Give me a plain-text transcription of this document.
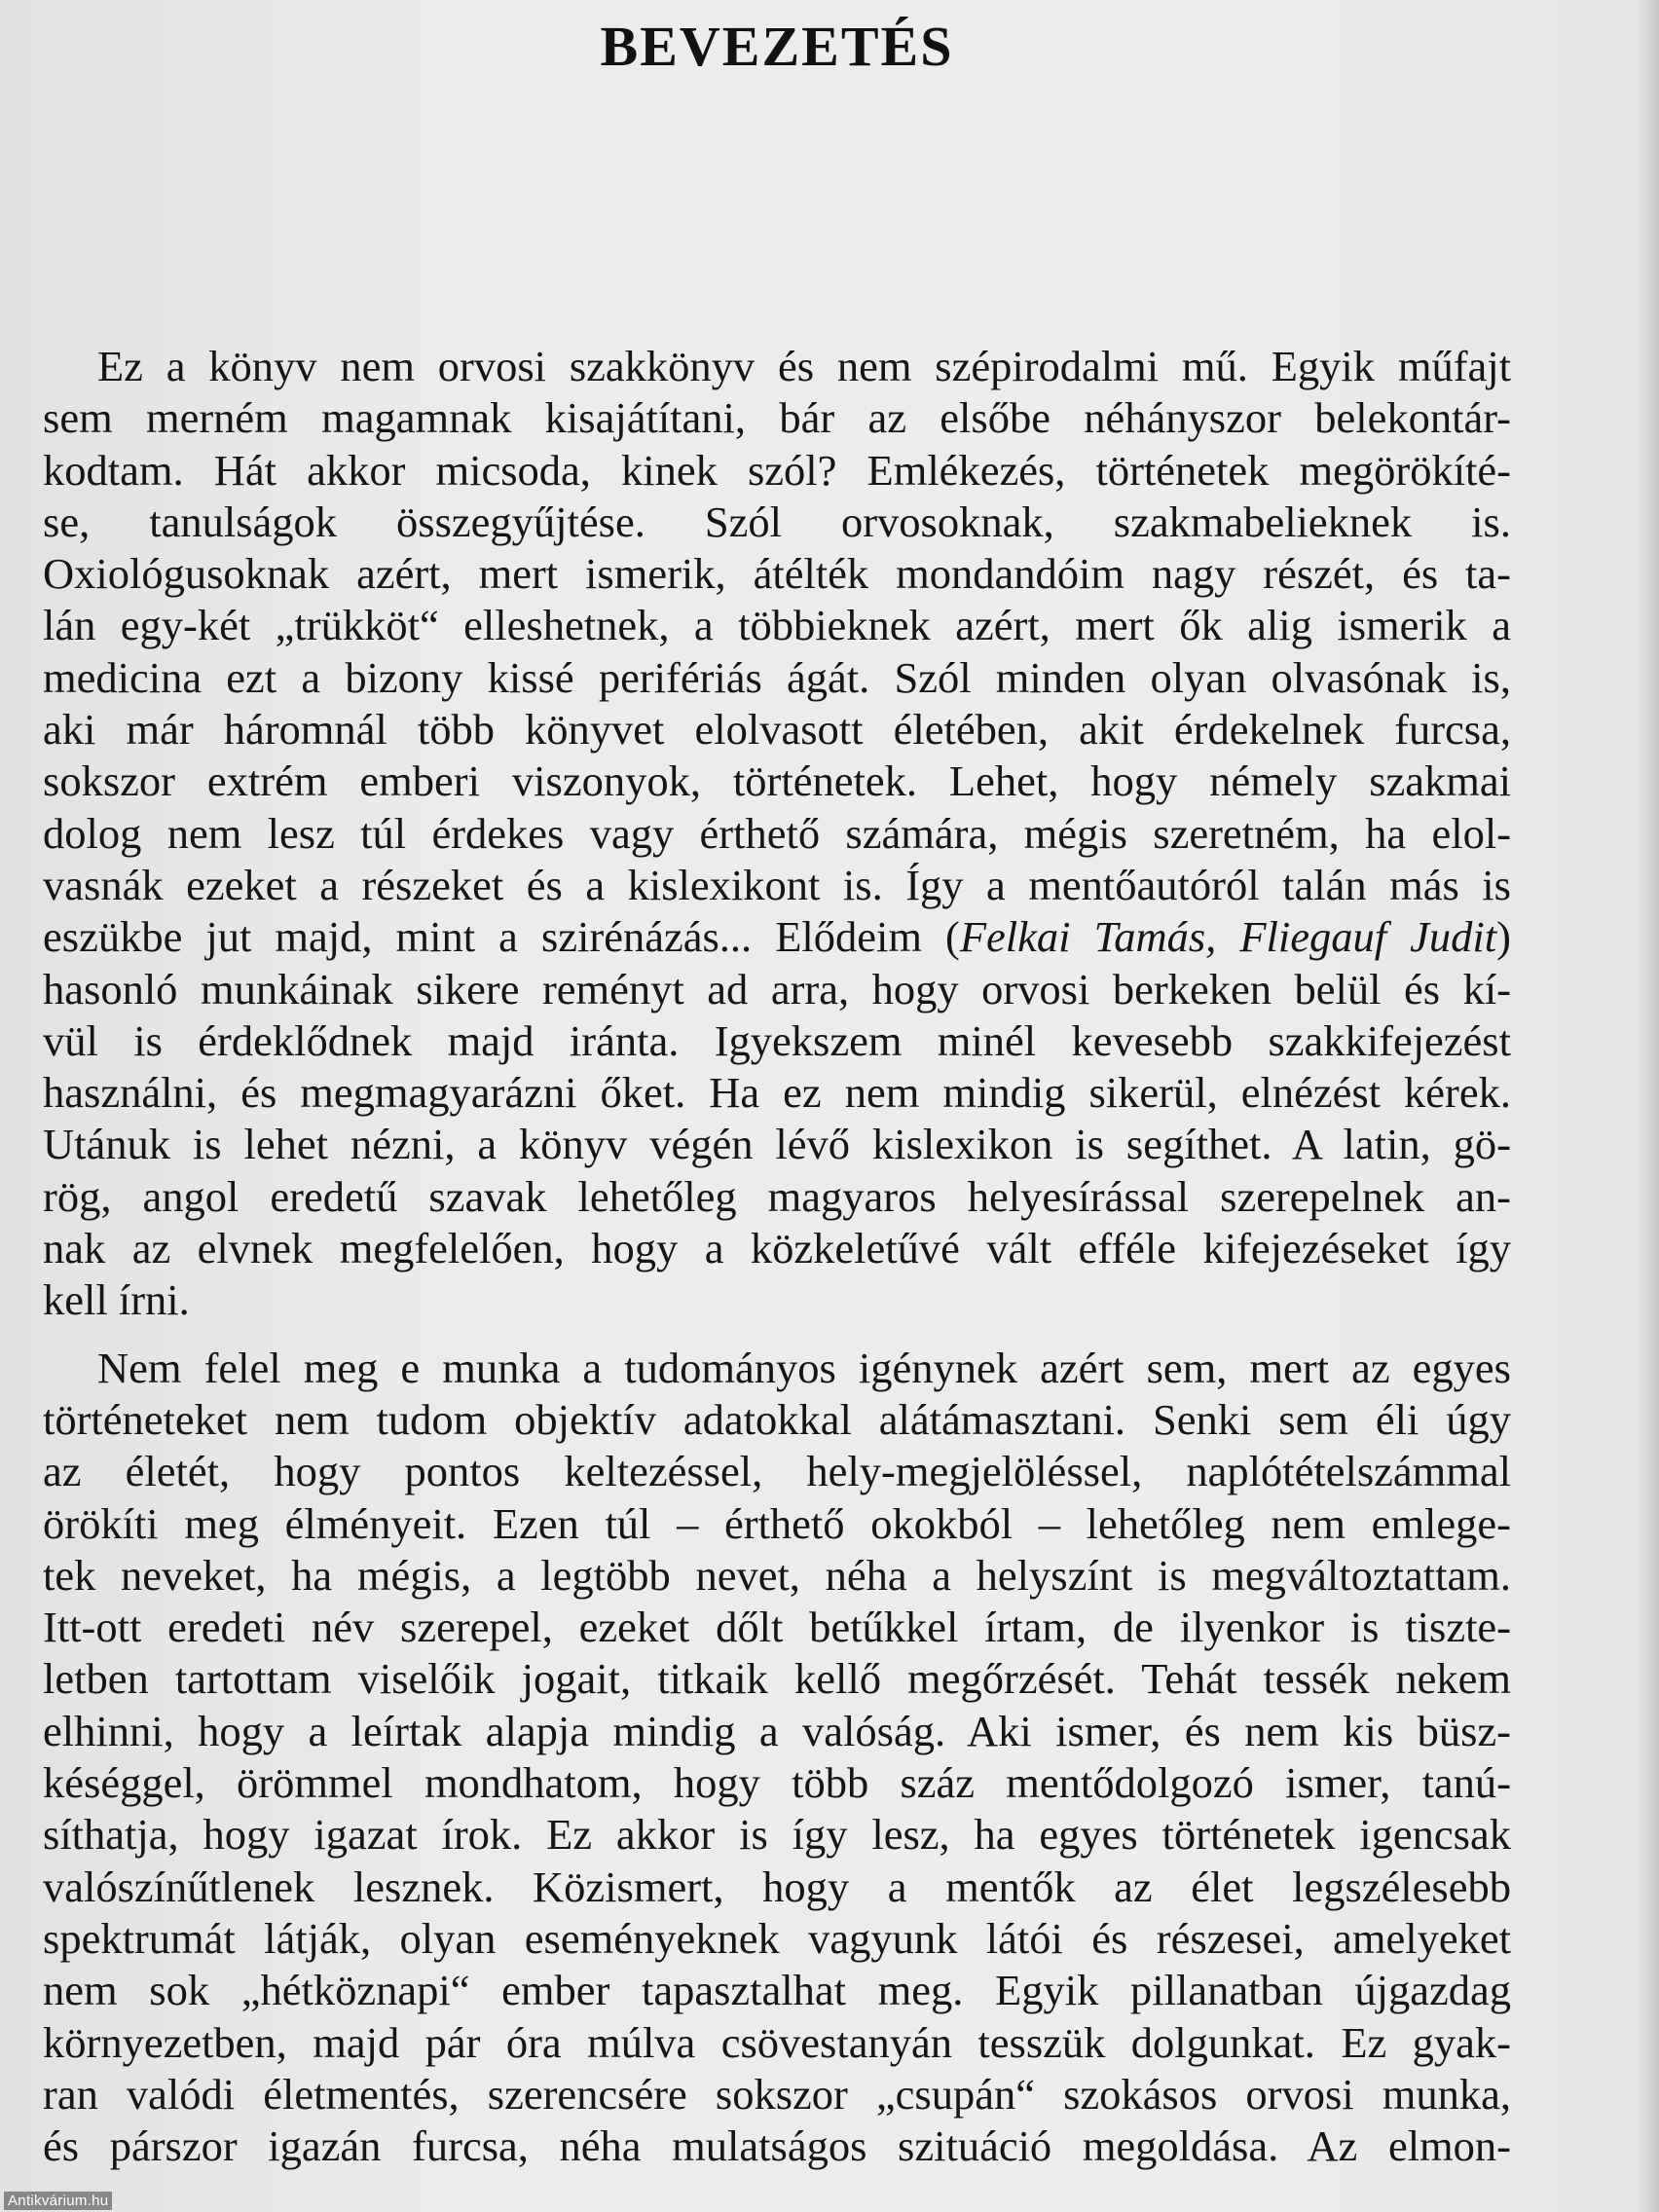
BEVEZETÉS
Ez a könyv nem orvosi szakkönyv és nem szépirodalmi mű. Egyik műfajt
sem merném magamnak kisajátítani, bár az elsőbe néhányszor belekontár-
kodtam. Hát akkor micsoda, kinek szól? Emlékezés, történetek megörökíté-
se, tanulságok összegyűjtése. Szól orvosoknak, szakmabelieknek is.
Oxiológusoknak azért, mert ismerik, átélték mondandóim nagy részét, és ta-
lán egy-két „trükköt“ elleshetnek, a többieknek azért, mert ők alig ismerik a
medicina ezt a bizony kissé perifériás ágát. Szól minden olyan olvasónak is,
aki már háromnál több könyvet elolvasott életében, akit érdekelnek furcsa,
sokszor extrém emberi viszonyok, történetek. Lehet, hogy némely szakmai
dolog nem lesz túl érdekes vagy érthető számára, mégis szeretném, ha elol-
vasnák ezeket a részeket és a kislexikont is. Így a mentőautóról talán más is
eszükbe jut majd, mint a szirénázás... Elődeim (Felkai Tamás, Fliegauf Judit)
hasonló munkáinak sikere reményt ad arra, hogy orvosi berkeken belül és kí-
vül is érdeklődnek majd iránta. Igyekszem minél kevesebb szakkifejezést
használni, és megmagyarázni őket. Ha ez nem mindig sikerül, elnézést kérek.
Utánuk is lehet nézni, a könyv végén lévő kislexikon is segíthet. A latin, gö-
rög, angol eredetű szavak lehetőleg magyaros helyesírással szerepelnek an-
nak az elvnek megfelelően, hogy a közkeletűvé vált efféle kifejezéseket így
kell írni.
Nem felel meg e munka a tudományos igénynek azért sem, mert az egyes
történeteket nem tudom objektív adatokkal alátámasztani. Senki sem éli úgy
az életét, hogy pontos keltezéssel, hely-megjelöléssel, naplótételszámmal
örökíti meg élményeit. Ezen túl – érthető okokból – lehetőleg nem emlege-
tek neveket, ha mégis, a legtöbb nevet, néha a helyszínt is megváltoztattam.
Itt-ott eredeti név szerepel, ezeket dőlt betűkkel írtam, de ilyenkor is tiszte-
letben tartottam viselőik jogait, titkaik kellő megőrzését. Tehát tessék nekem
elhinni, hogy a leírtak alapja mindig a valóság. Aki ismer, és nem kis büsz-
késéggel, örömmel mondhatom, hogy több száz mentődolgozó ismer, tanú-
síthatja, hogy igazat írok. Ez akkor is így lesz, ha egyes történetek igencsak
valószínűtlenek lesznek. Közismert, hogy a mentők az élet legszélesebb
spektrumát látják, olyan eseményeknek vagyunk látói és részesei, amelyeket
nem sok „hétköznapi“ ember tapasztalhat meg. Egyik pillanatban újgazdag
környezetben, majd pár óra múlva csövestanyán tesszük dolgunkat. Ez gyak-
ran valódi életmentés, szerencsére sokszor „csupán“ szokásos orvosi munka,
és párszor igazán furcsa, néha mulatságos szituáció megoldása. Az elmon-
Antikvárium.hu
